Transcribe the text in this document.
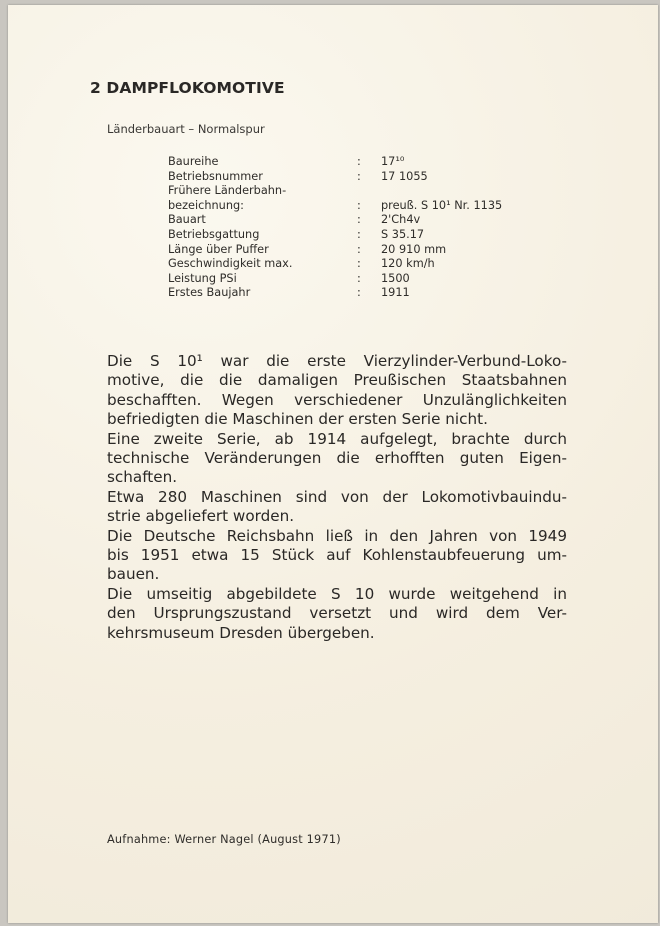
2 DAMPFLOKOMOTIVE
Länderbauart – Normalspur
Baureihe	: 17¹⁰
Betriebsnummer	: 17 1055
Frühere Länderbahn-
bezeichnung:	: preuß. S 10¹ Nr. 1135
Bauart	: 2'Ch4v
Betriebsgattung	: S 35.17
Länge über Puffer	: 20 910 mm
Geschwindigkeit max.	: 120 km/h
Leistung PSi	: 1500
Erstes Baujahr	: 1911
Die S 10¹ war die erste Vierzylinder-Verbund-Loko-
motive, die die damaligen Preußischen Staatsbahnen
beschafften. Wegen verschiedener Unzulänglichkeiten
befriedigten die Maschinen der ersten Serie nicht.
Eine zweite Serie, ab 1914 aufgelegt, brachte durch
technische Veränderungen die erhofften guten Eigen-
schaften.
Etwa 280 Maschinen sind von der Lokomotivbauindu-
strie abgeliefert worden.
Die Deutsche Reichsbahn ließ in den Jahren von 1949
bis 1951 etwa 15 Stück auf Kohlenstaubfeuerung um-
bauen.
Die umseitig abgebildete S 10 wurde weitgehend in
den Ursprungszustand versetzt und wird dem Ver-
kehrsmuseum Dresden übergeben.
Aufnahme: Werner Nagel (August 1971)
